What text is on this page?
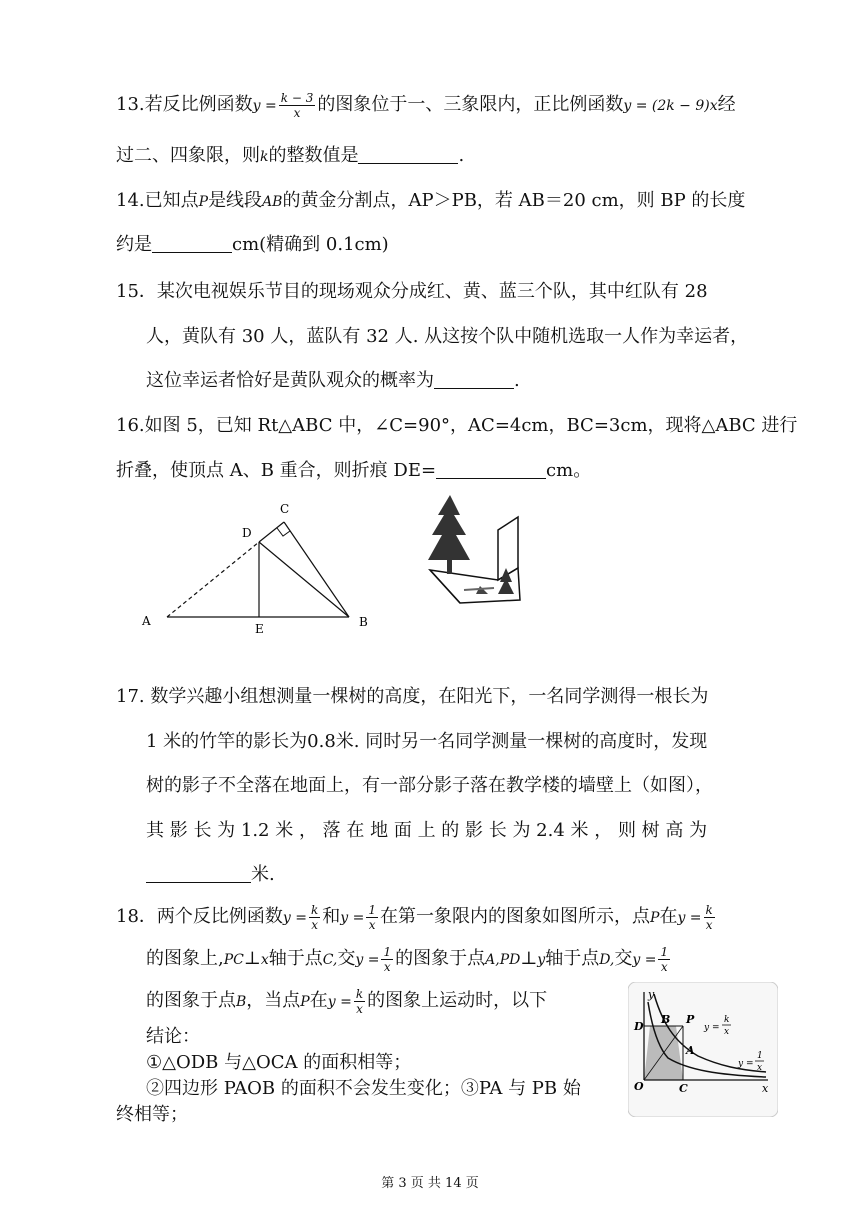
13.若反比例函数$y = \frac{k - 3}{x}$ 的图象位于一、三象限内，正比例函数y = (2k − 9)x经
过二、四象限，则k的整数值是	.
14.已知点P是线段AB的黄金分割点，AP＞PB，若 AB＝20 cm，则 BP 的长度
约是	cm(精确到 0.1cm)
15．某次电视娱乐节目的现场观众分成红、黄、蓝三个队，其中红队有 28
人，黄队有 30 人，蓝队有 32 人. 从这按个队中随机选取一人作为幸运者，
这位幸运者恰好是黄队观众的概率为	.
16.如图 5，已知 Rt△ABC 中，∠C=90°，AC=4cm，BC=3cm，现将△ABC 进行
折叠，使顶点 A、B 重合，则折痕 DE=	cm。
A	B
C
D
E
17. 数学兴趣小组想测量一棵树的高度，在阳光下，一名同学测得一根长为
1 米的竹竿的影长为0.8米. 同时另一名同学测量一棵树的高度时，发现
树的影子不全落在地面上，有一部分影子落在教学楼的墙壁上（如图），
其 影 长 为 1.2 米 ， 落 在 地 面 上 的 影 长 为 2.4 米 ， 则 树 高 为
米.
18．两个反比例函数$y = \frac{k}{x}$ 和$y = \frac{1}{x}$ 在第一象限内的图象如图所示，点P在$y = \frac{k}{x}$
的图象上,PC⊥x轴于点C,交$y = \frac{1}{x}$ 的图象于点A,PD⊥y轴于点D,交$y = \frac{1}{x}$
的图象于点B，当点P在$y = \frac{k}{x}$ 的图象上运动时，以下
结论：
①△ODB 与△OCA 的面积相等；
②四边形 PAOB 的面积不会发生变化；③PA 与 PB 始
终相等；
y
x
O	C
D
B P
A
y =
k
x
y =
1
x
第 3 页 共 14 页
